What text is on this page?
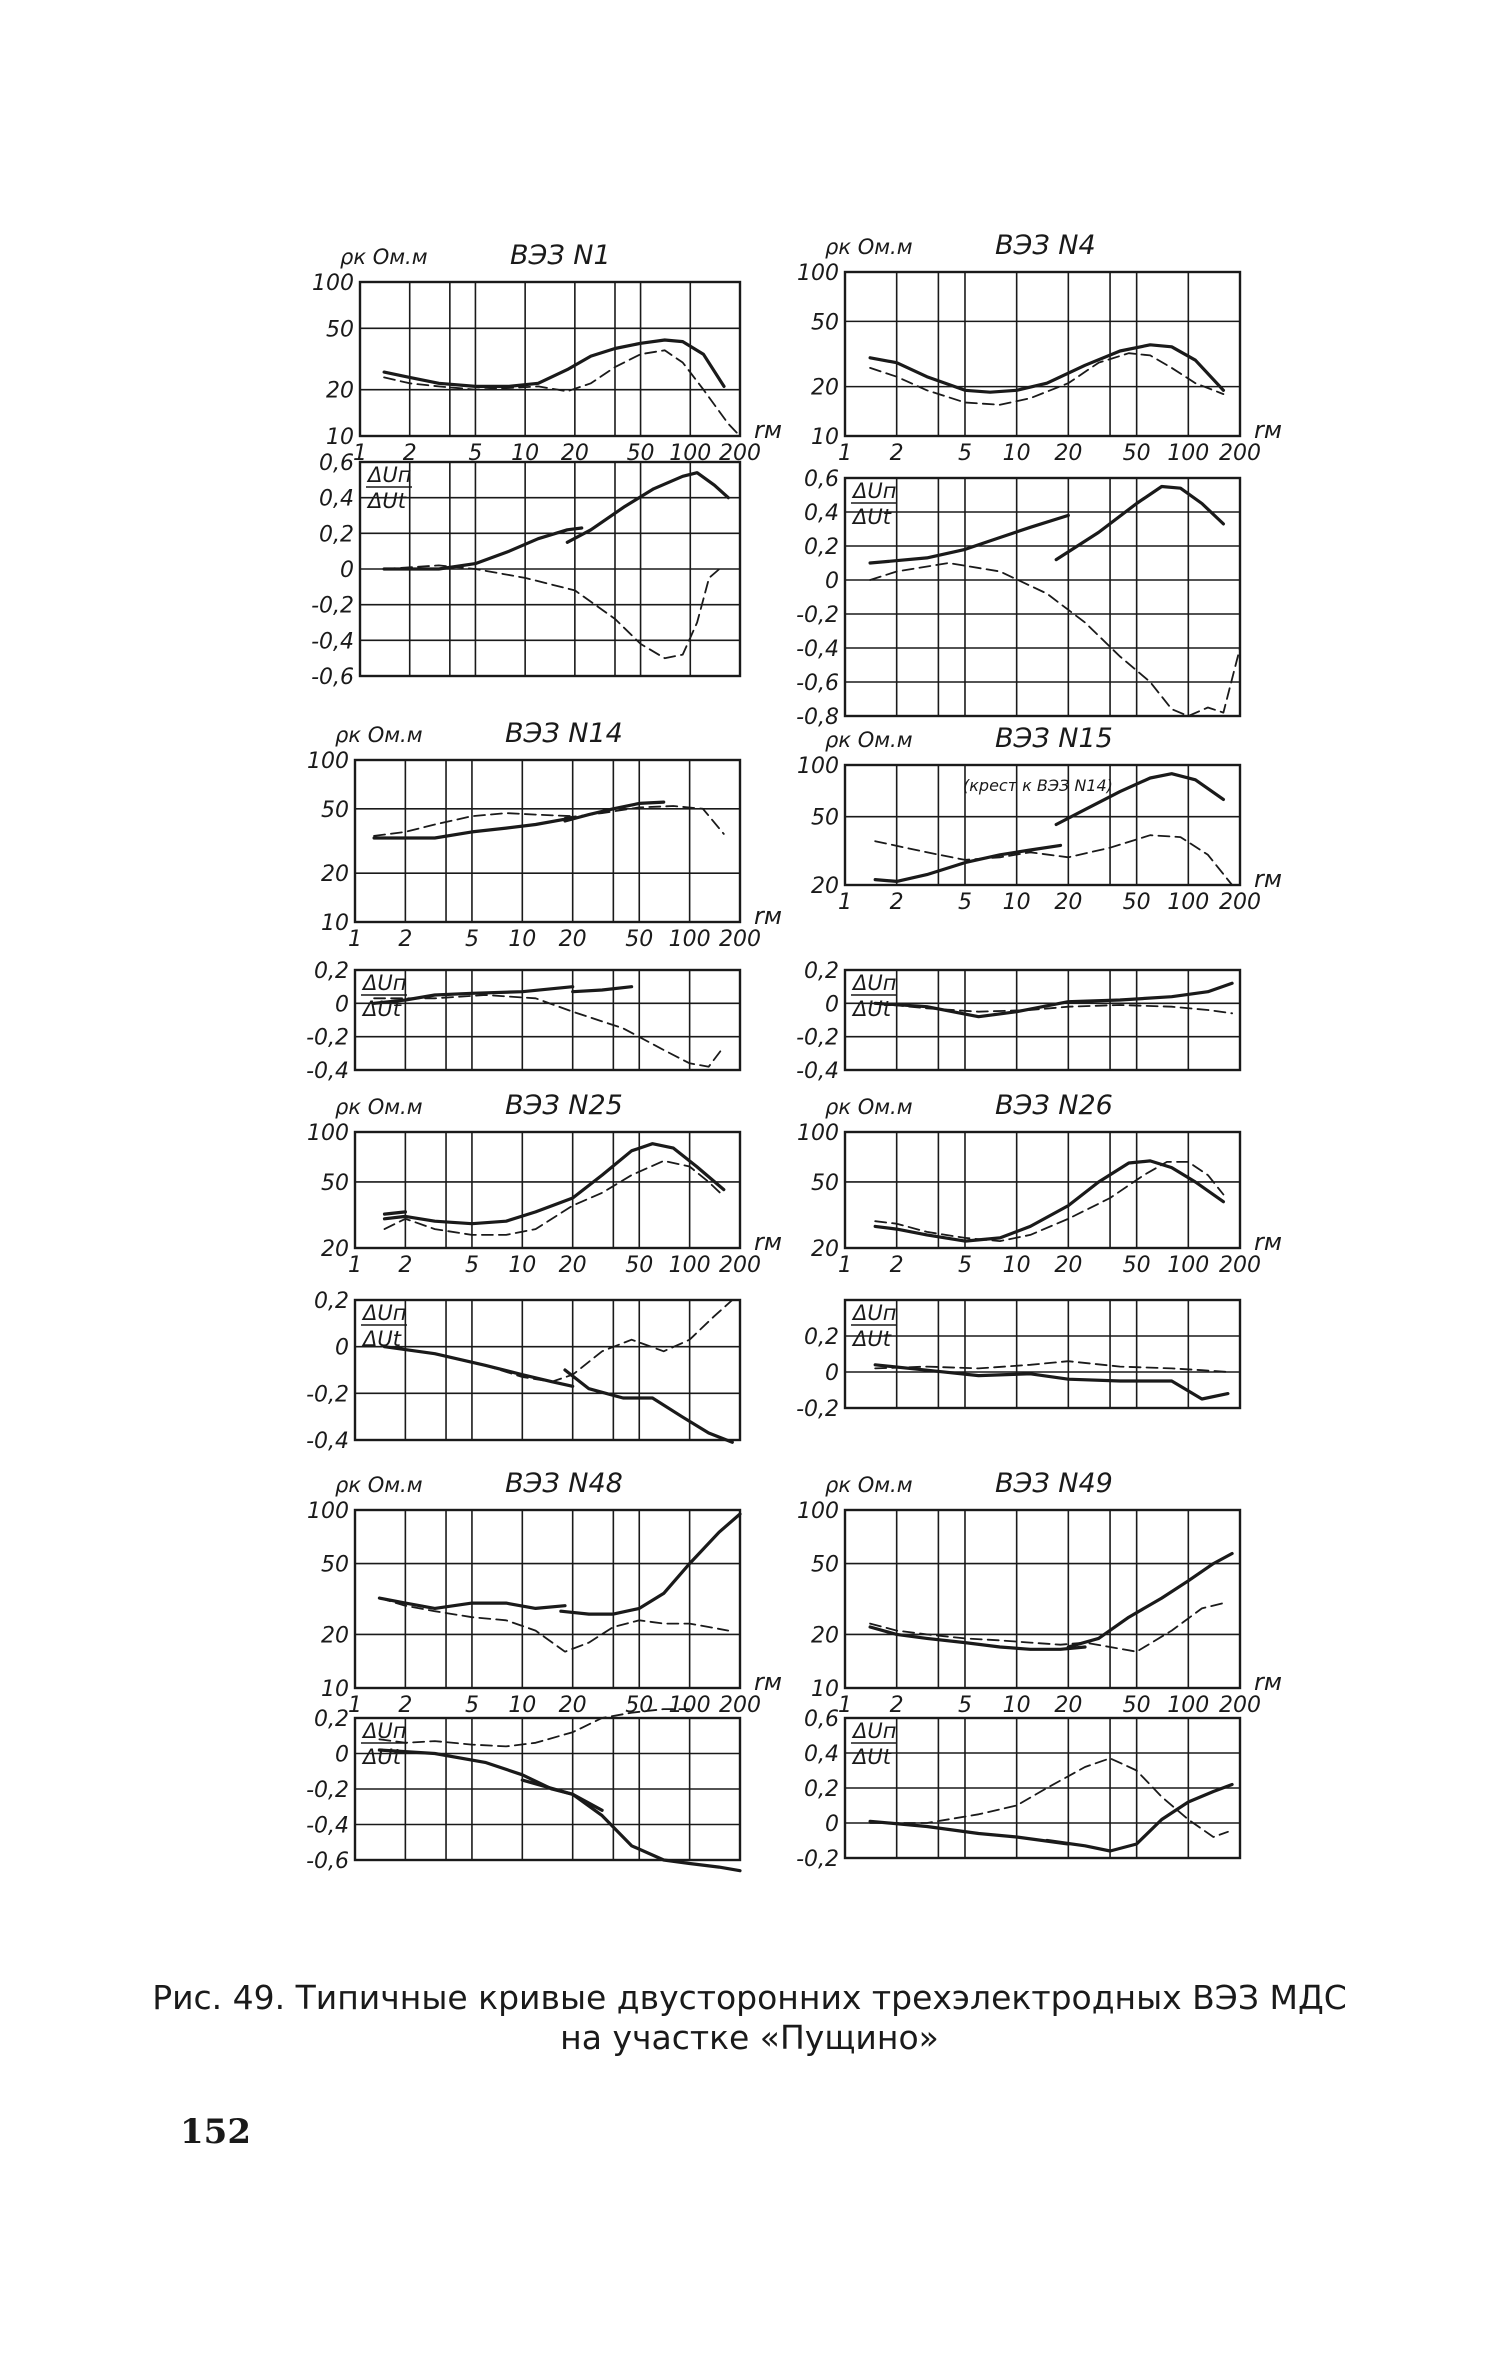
ВЭЗ N1
ρк Ом.м
10
20
50
100
1 2 5 10 20 50 100 200
rм
0,6
0,4
0,2
0
-0,2
-0,4
-0,6
ΔUп
ΔUt
ВЭЗ N4
ρк Ом.м
10
20
50
100
1 2 5 10 20 50 100 200
rм
0,6
0,4
0,2
0
-0,2
-0,4
-0,6
-0,8
ΔUп
ΔUt
ВЭЗ N14
ρк Ом.м
10
20
50
100
1 2 5 10 20 50 100 200
rм
0,2
0
-0,2
-0,4
ΔUп
ΔUt
ВЭЗ N15
ρк Ом.м
(крест к ВЭЗ N14)
20
50
100
1 2 5 10 20 50 100 200
rм
0,2
0
-0,2
-0,4
ΔUп
ΔUt
ВЭЗ N25
ρк Ом.м
20
50
100
1 2 5 10 20 50 100 200
rм
0,2
0
-0,2
-0,4
ΔUп
ΔUt
ВЭЗ N26
ρк Ом.м
20
50
100
1 2 5 10 20 50 100 200
rм
0,2
0
-0,2
ΔUп
ΔUt
ВЭЗ N48
ρк Ом.м
10
20
50
100
1 2 5 10 20 50 100 200
rм
0,2
0
-0,2
-0,4
-0,6
ΔUп
ΔUt
ВЭЗ N49
ρк Ом.м
10
20
50
100
1 2 5 10 20 50 100 200
rм
0,6
0,4
0,2
0
-0,2
ΔUп
ΔUt
Рис. 49. Типичные кривые двусторонних трехэлектродных ВЭЗ МДС
на участке «Пущино»
152
